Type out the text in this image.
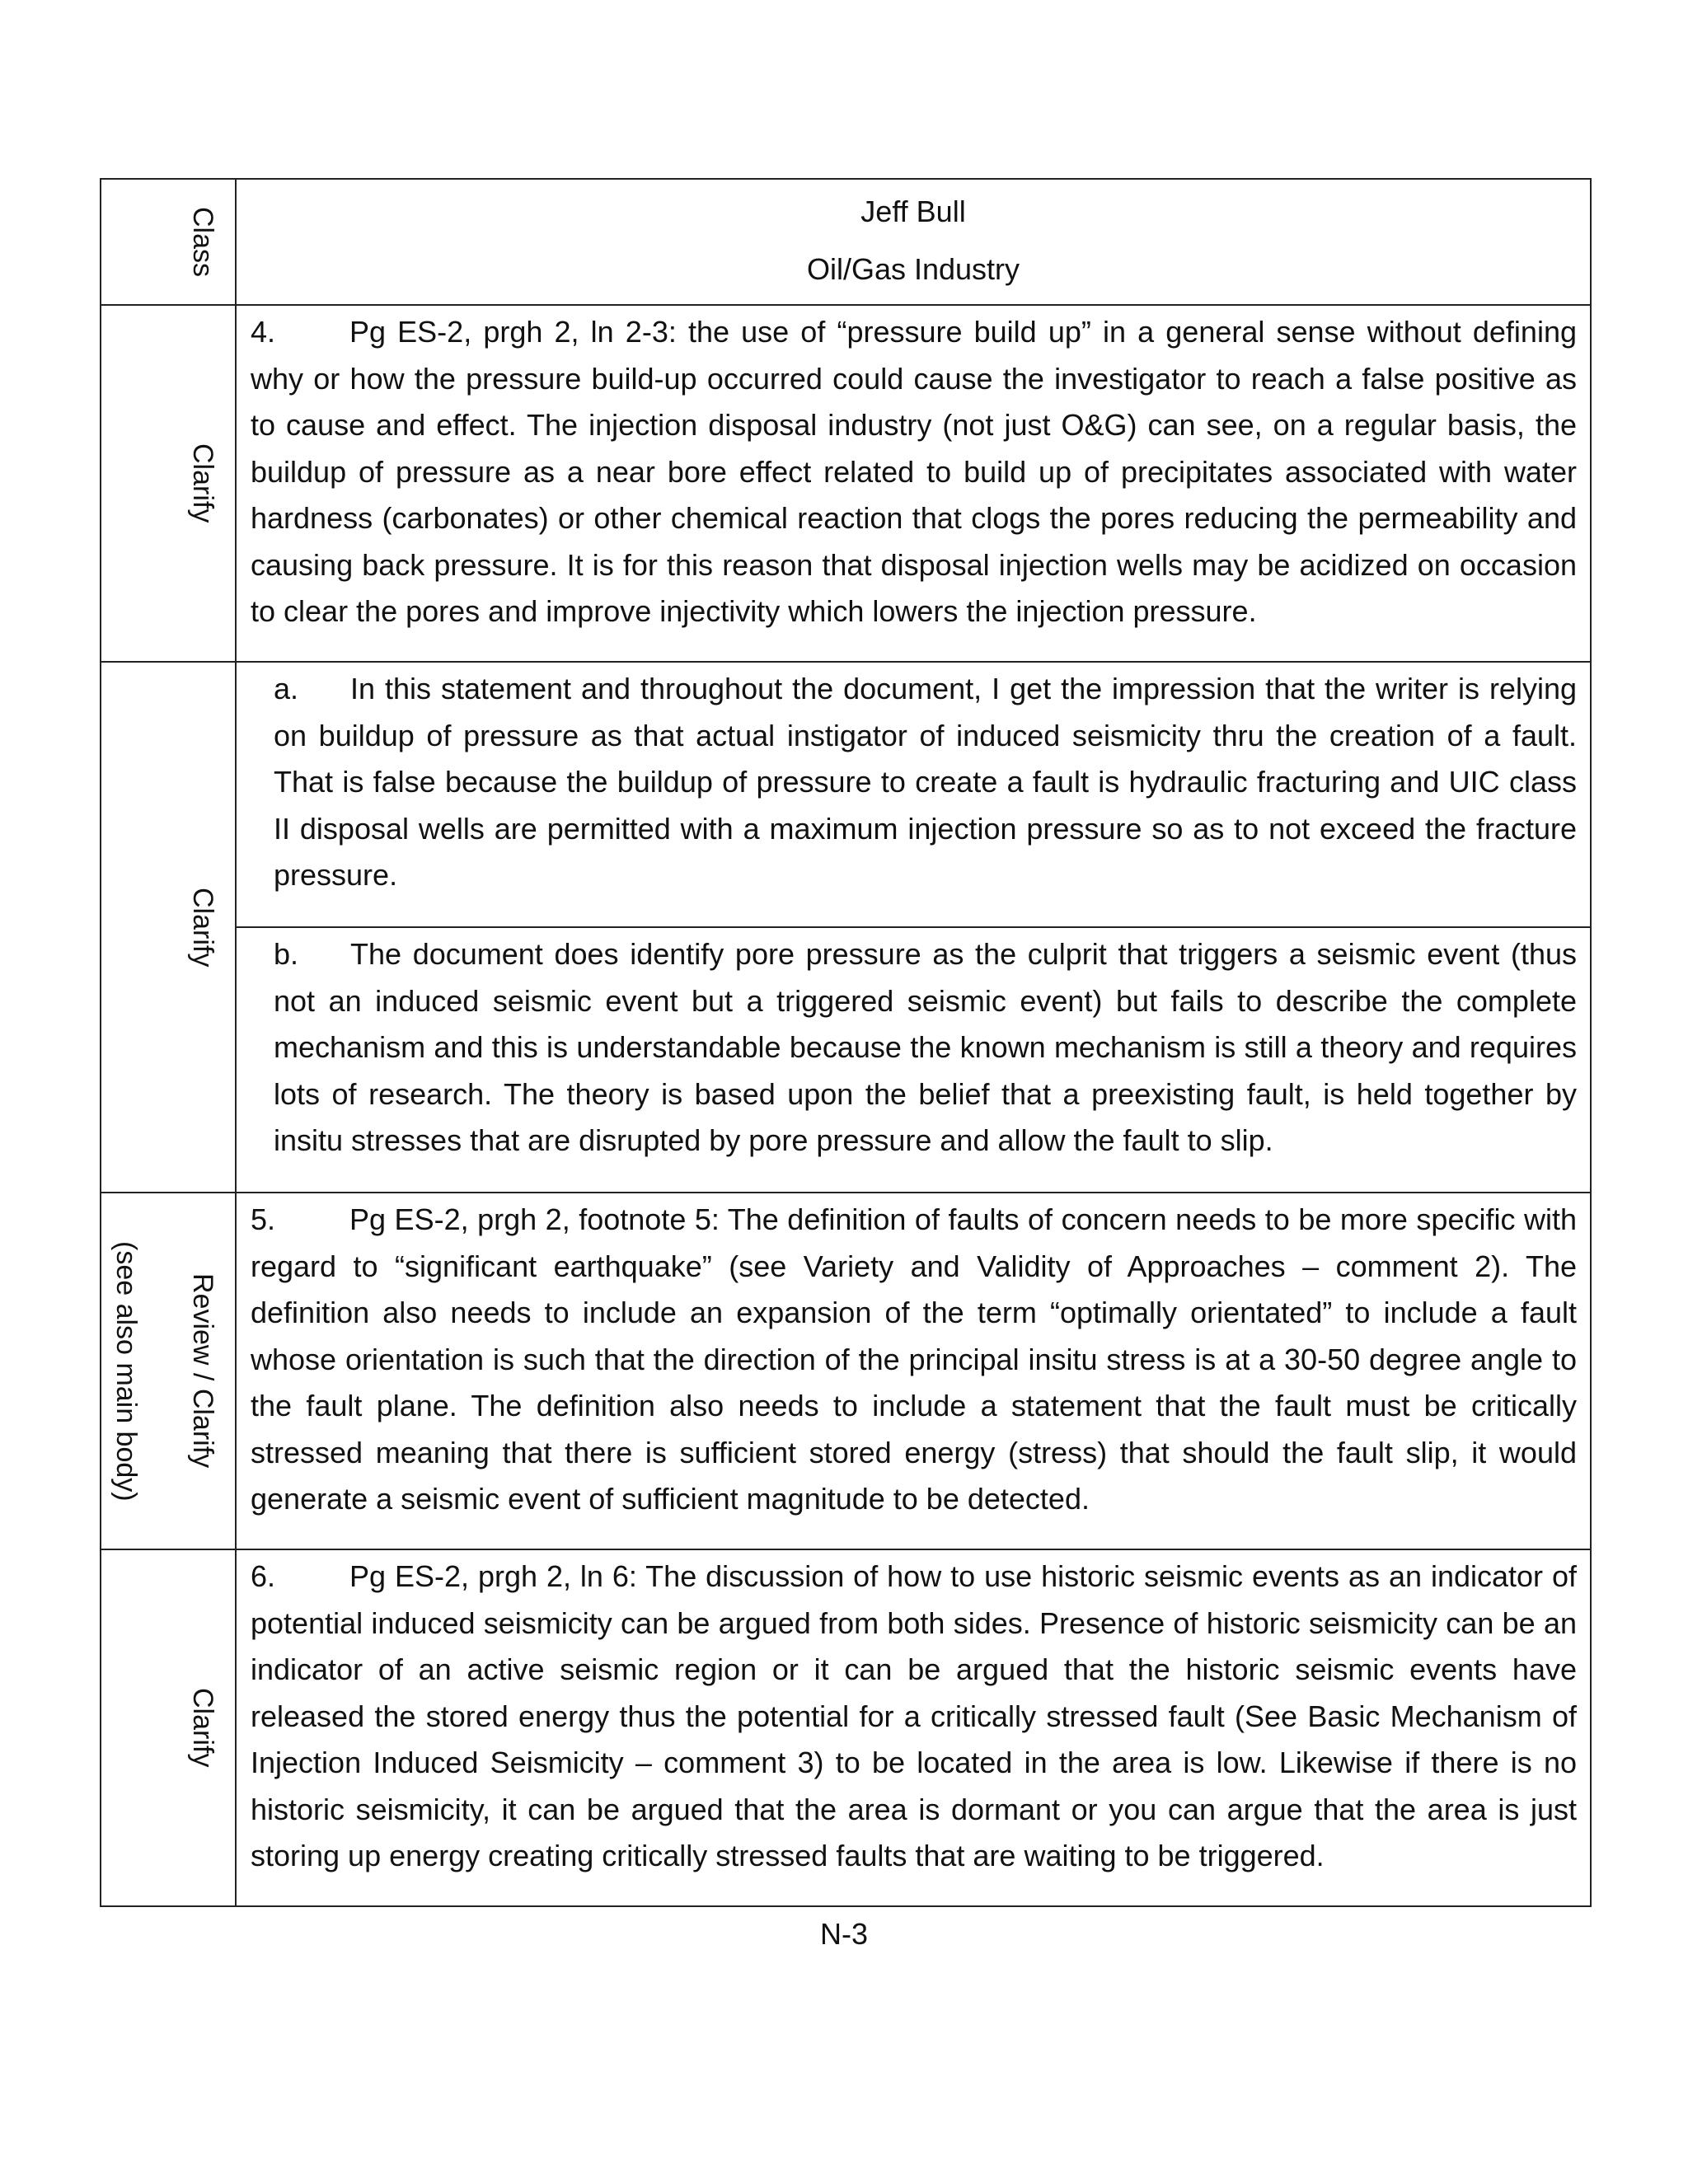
Class	Jeff Bull
Oil/Gas Industry

Clarify	4. Pg ES-2, prgh 2, ln 2-3: the use of “pressure build up” in a general sense without defining why or how the pressure build-up occurred could cause the investigator to reach a false positive as to cause and effect. The injection disposal industry (not just O&G) can see, on a regular basis, the buildup of pressure as a near bore effect related to build up of precipitates associated with water hardness (carbonates) or other chemical reaction that clogs the pores reducing the permeability and causing back pressure. It is for this reason that disposal injection wells may be acidized on occasion to clear the pores and improve injectivity which lowers the injection pressure.

Clarify	a. In this statement and throughout the document, I get the impression that the writer is relying on buildup of pressure as that actual instigator of induced seismicity thru the creation of a fault. That is false because the buildup of pressure to create a fault is hydraulic fracturing and UIC class II disposal wells are permitted with a maximum injection pressure so as to not exceed the fracture pressure.
	b. The document does identify pore pressure as the culprit that triggers a seismic event (thus not an induced seismic event but a triggered seismic event) but fails to describe the complete mechanism and this is understandable because the known mechanism is still a theory and requires lots of research. The theory is based upon the belief that a preexisting fault, is held together by insitu stresses that are disrupted by pore pressure and allow the fault to slip.

(see also main body) Review / Clarify	5. Pg ES-2, prgh 2, footnote 5: The definition of faults of concern needs to be more specific with regard to “significant earthquake” (see Variety and Validity of Approaches – comment 2). The definition also needs to include an expansion of the term “optimally orientated” to include a fault whose orientation is such that the direction of the principal insitu stress is at a 30-50 degree angle to the fault plane. The definition also needs to include a statement that the fault must be critically stressed meaning that there is sufficient stored energy (stress) that should the fault slip, it would generate a seismic event of sufficient magnitude to be detected.

Clarify	6. Pg ES-2, prgh 2, ln 6: The discussion of how to use historic seismic events as an indicator of potential induced seismicity can be argued from both sides. Presence of historic seismicity can be an indicator of an active seismic region or it can be argued that the historic seismic events have released the stored energy thus the potential for a critically stressed fault (See Basic Mechanism of Injection Induced Seismicity – comment 3) to be located in the area is low. Likewise if there is no historic seismicity, it can be argued that the area is dormant or you can argue that the area is just storing up energy creating critically stressed faults that are waiting to be triggered.
N-3
